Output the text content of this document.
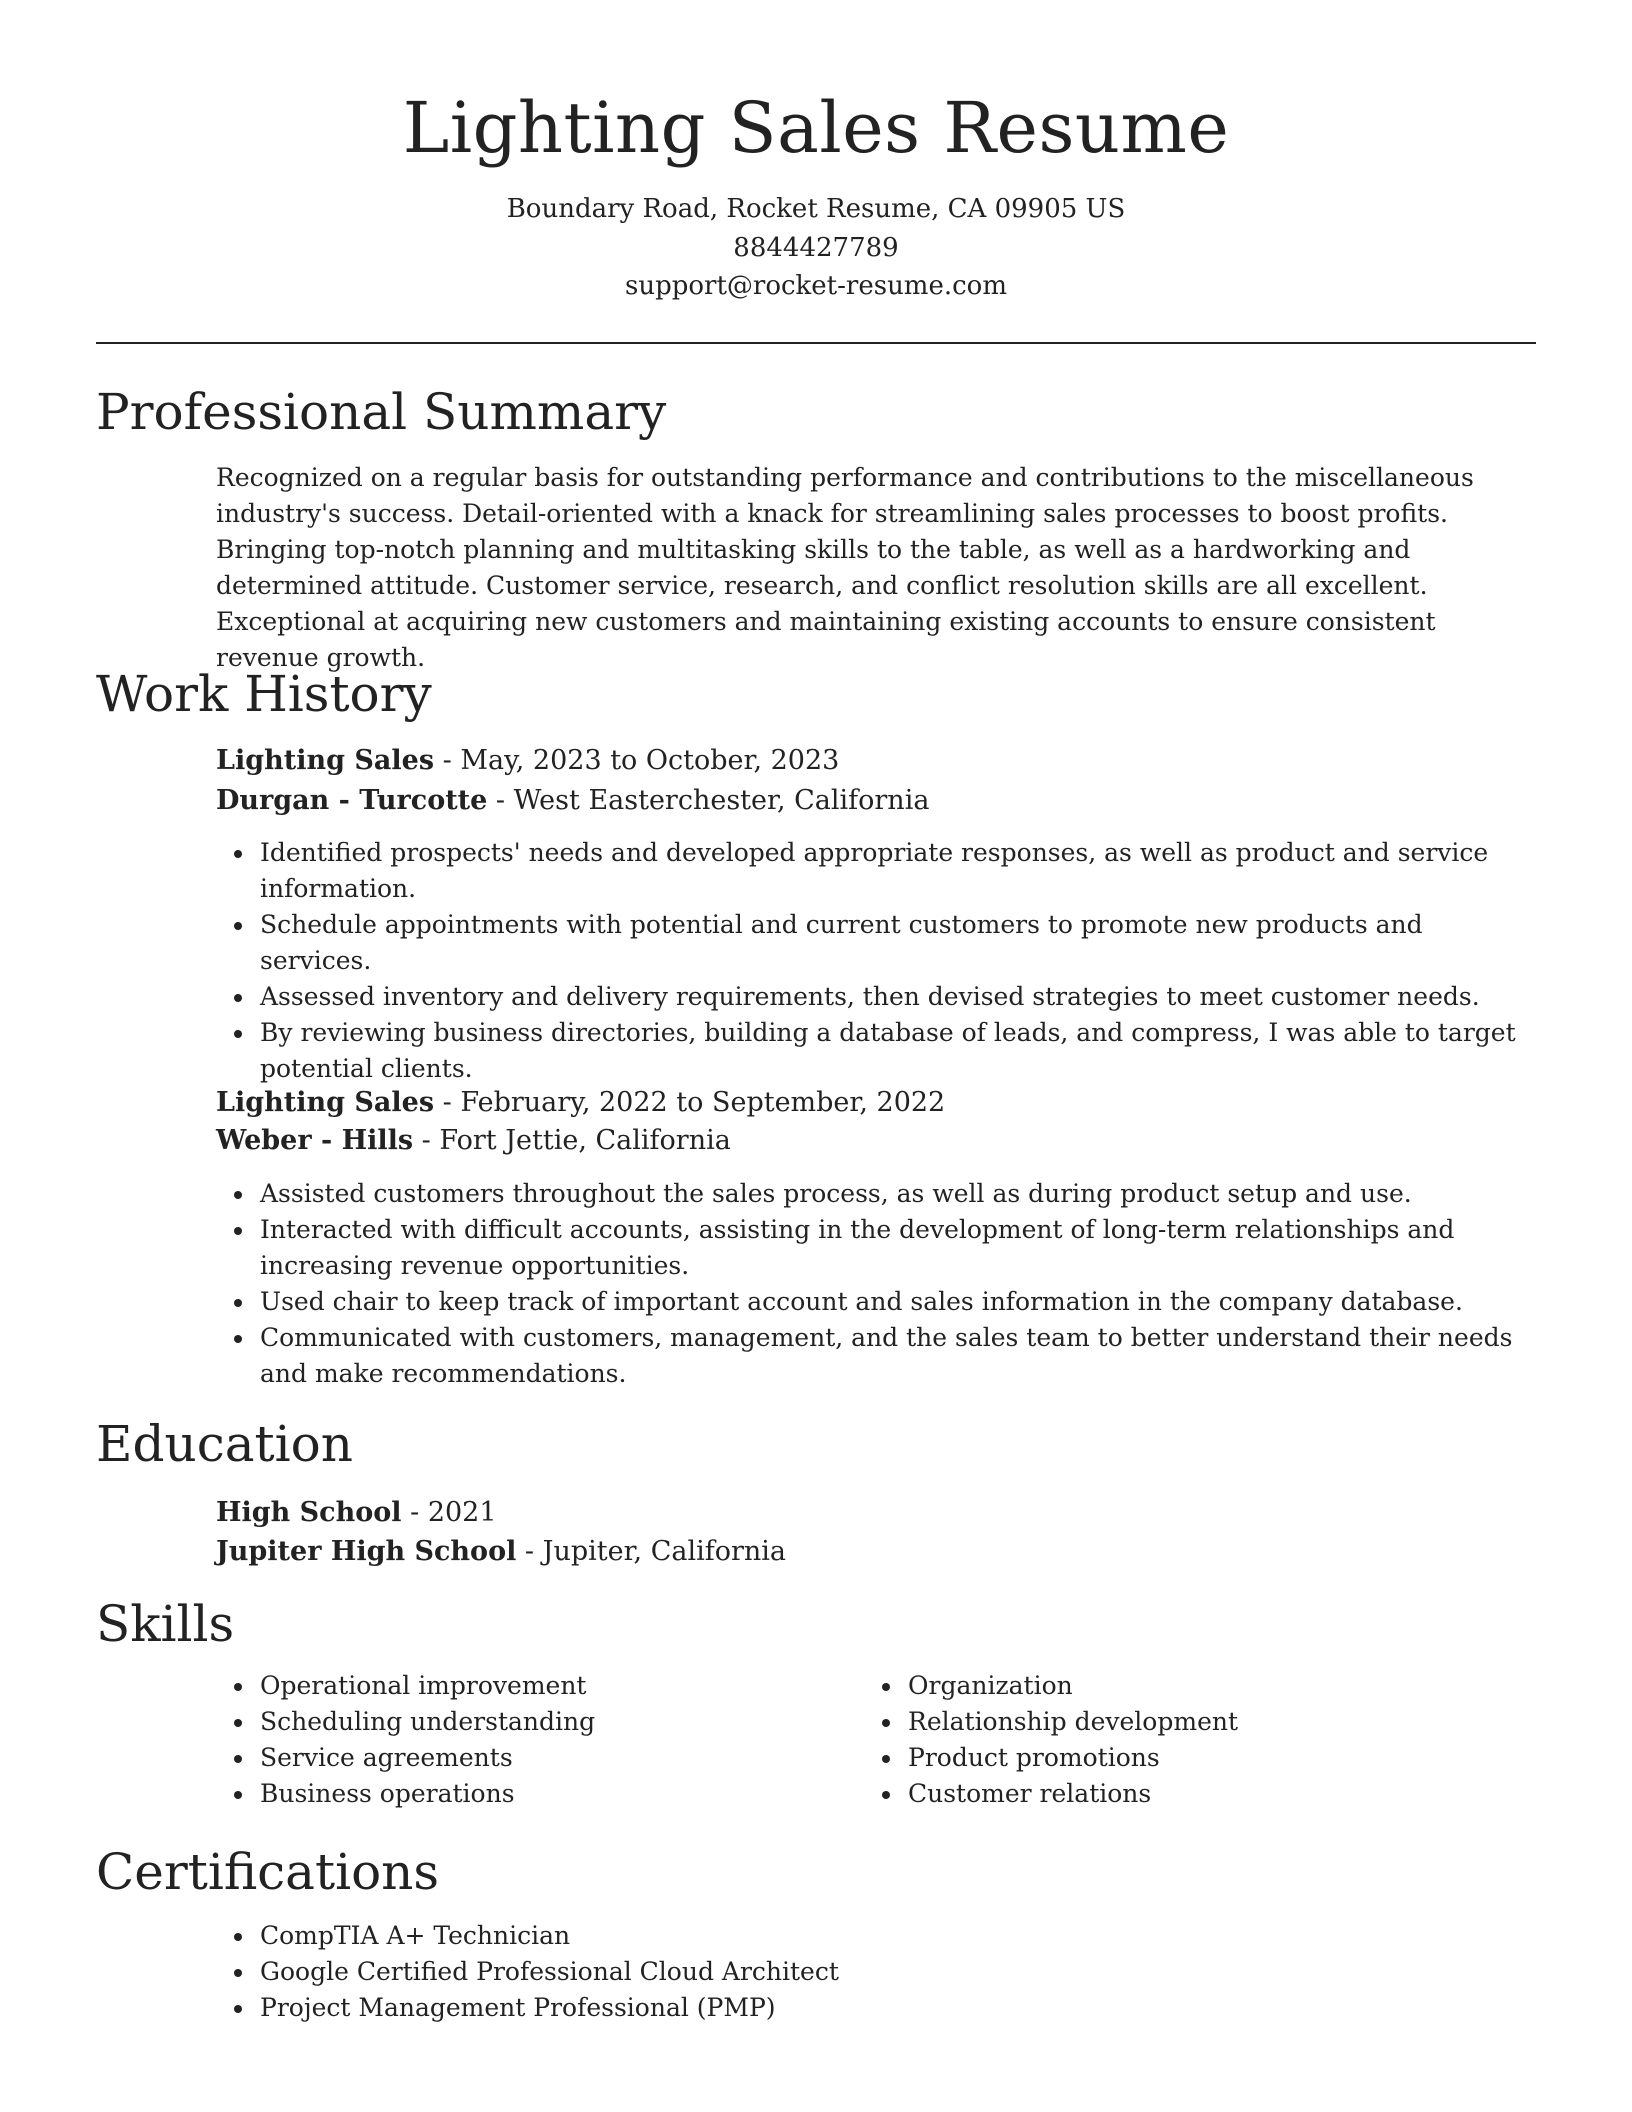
Lighting Sales Resume
Boundary Road, Rocket Resume, CA 09905 US
8844427789
support@rocket-resume.com
Professional Summary

Recognized on a regular basis for outstanding performance and contributions to the miscellaneous industry's success. Detail-oriented with a knack for streamlining sales processes to boost profits. Bringing top-notch planning and multitasking skills to the table, as well as a hardworking and determined attitude. Customer service, research, and conflict resolution skills are all excellent. Exceptional at acquiring new customers and maintaining existing accounts to ensure consistent revenue growth.

Work History
Lighting Sales - May, 2023 to October, 2023
Durgan - Turcotte - West Easterchester, California
Identified prospects' needs and developed appropriate responses, as well as product and service information.
Schedule appointments with potential and current customers to promote new products and services.
Assessed inventory and delivery requirements, then devised strategies to meet customer needs.
By reviewing business directories, building a database of leads, and compress, I was able to target potential clients.
Lighting Sales - February, 2022 to September, 2022
Weber - Hills - Fort Jettie, California
Assisted customers throughout the sales process, as well as during product setup and use.
Interacted with difficult accounts, assisting in the development of long-term relationships and increasing revenue opportunities.
Used chair to keep track of important account and sales information in the company database.
Communicated with customers, management, and the sales team to better understand their needs and make recommendations.
Education
High School - 2021
Jupiter High School - Jupiter, California
Skills
Operational improvement
Scheduling understanding
Service agreements
Business operations
Organization
Relationship development
Product promotions
Customer relations
Certifications
CompTIA A+ Technician
Google Certified Professional Cloud Architect
Project Management Professional (PMP)
